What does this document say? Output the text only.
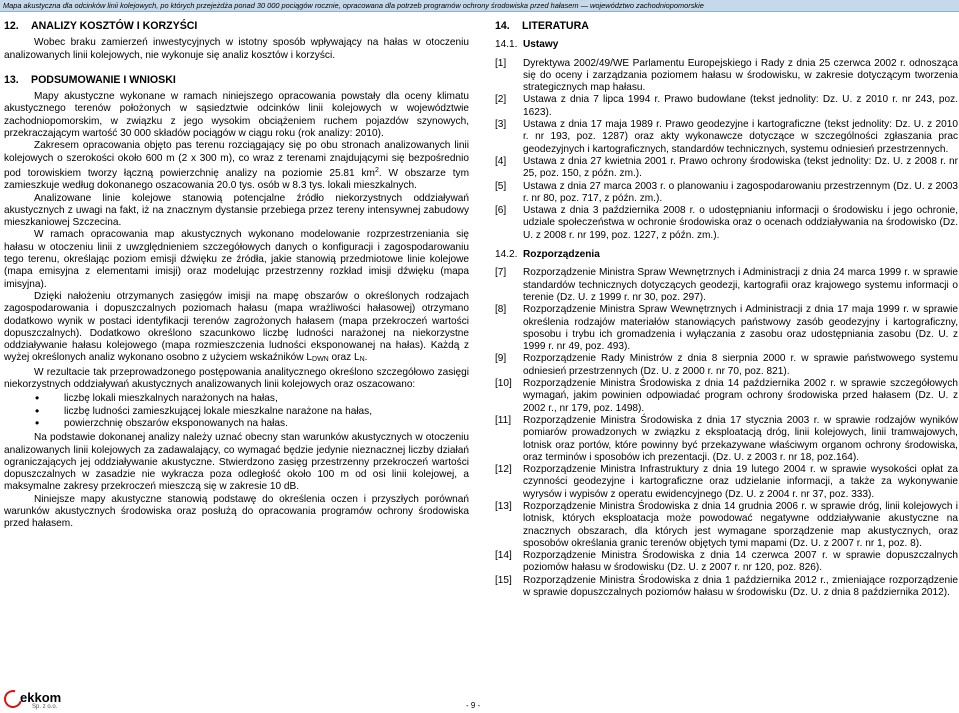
Mapa akustyczna dla odcinków linii kolejowych, po których przejeżdża ponad 30 000 pociągów rocznie, opracowana dla potrzeb programów ochrony środowiska przed hałasem — województwo zachodniopomorskie
12.	ANALIZY KOSZTÓW I KORZYŚCI

Wobec braku zamierzeń inwestycyjnych w istotny sposób wpływający na hałas w otoczeniu analizowanych linii kolejowych, nie wykonuje się analiz kosztów i korzyści.

13.	PODSUMOWANIE I WNIOSKI

Mapy akustyczne wykonane w ramach niniejszego opracowania powstały dla oceny klimatu akustycznego terenów położonych w sąsiedztwie odcinków linii kolejowych w województwie zachodniopomorskim, w związku z jego wysokim obciążeniem ruchem pojazdów szynowych, przekraczającym wartość 30 000 składów pociągów w ciągu roku (rok analizy: 2010).

Zakresem opracowania objęto pas terenu rozciągający się po obu stronach analizowanych linii kolejowych o szerokości około 600 m (2 x 300 m), co wraz z terenami znajdującymi się bezpośrednio pod torowiskiem tworzy łączną powierzchnię analizy na poziomie 25.81 $km^2$. W obszarze tym zamieszkuje według dokonanego oszacowania 20.0 tys. osób w 8.3 tys. lokali mieszkalnych.

Analizowane linie kolejowe stanowią potencjalne źródło niekorzystnych oddziaływań akustycznych z uwagi na fakt, iż na znacznym dystansie przebiega przez tereny intensywnej zabudowy mieszkaniowej Szczecina.

W ramach opracowania map akustycznych wykonano modelowanie rozprzestrzeniania się hałasu w otoczeniu linii z uwzględnieniem szczegółowych danych o konfiguracji i zagospodarowaniu tego terenu, określając poziom emisji dźwięku ze źródła, jakie stanowią przedmiotowe linie kolejowe (mapa emisyjna z elementami imisji) oraz modelując przestrzenny rozkład imisji dźwięku (mapa imisyjna).

Dzięki nałożeniu otrzymanych zasięgów imisji na mapę obszarów o określonych rodzajach zagospodarowania i dopuszczalnych poziomach hałasu (mapa wrażliwości hałasowej) otrzymano dodatkowo wynik w postaci identyfikacji terenów zagrożonych hałasem (mapa przekroczeń wartości dopuszczalnych). Dodatkowo określono szacunkowo liczbę ludności narażonej na niekorzystne oddziaływanie hałasu kolejowego (mapa rozmieszczenia ludności eksponowanej na hałas). Każdą z wyżej określonych analiz wykonano osobno z użyciem wskaźników LDWN oraz LN.

W rezultacie tak przeprowadzonego postępowania analitycznego określono szczegółowo zasięgi niekorzystnych oddziaływań akustycznych analizowanych linii kolejowych oraz oszacowano:

• liczbę lokali mieszkalnych narażonych na hałas,
• liczbę ludności zamieszkującej lokale mieszkalne narażone na hałas,
• powierzchnię obszarów eksponowanych na hałas.

Na podstawie dokonanej analizy należy uznać obecny stan warunków akustycznych w otoczeniu analizowanych linii kolejowych za zadawalający, co wymagać będzie jedynie nieznacznej liczby działań ograniczających jej oddziaływanie akustyczne. Stwierdzono zasięg przestrzenny przekroczeń wartości dopuszczalnych w zasadzie nie wykracza poza odległość około 100 m od osi linii kolejowej, a maksymalne zakresy przekroczeń mieszczą się w zakresie 10 dB.

Niniejsze mapy akustyczne stanowią podstawę do określenia oczen i przyszłych porównań warunków akustycznych środowiska oraz posłużą do opracowania programów ochrony środowiska przed hałasem.

14.	LITERATURA
14.1. Ustawy
[1]	Dyrektywa 2002/49/WE Parlamentu Europejskiego i Rady z dnia 25 czerwca 2002 r. odnosząca się do oceny i zarządzania poziomem hałasu w środowisku, w zakresie dotyczącym tworzenia strategicznych map hałasu.
[2]	Ustawa z dnia 7 lipca 1994 r. Prawo budowlane (tekst jednolity: Dz. U. z 2010 r. nr 243, poz. 1623).
[3]	Ustawa z dnia 17 maja 1989 r. Prawo geodezyjne i kartograficzne (tekst jednolity: Dz. U. z 2010 r. nr 193, poz. 1287) oraz akty wykonawcze dotyczące w szczególności zgłaszania prac geodezyjnych i kartograficznych, standardów technicznych, systemu odniesień przestrzennych.
[4]	Ustawa z dnia 27 kwietnia 2001 r. Prawo ochrony środowiska (tekst jednolity: Dz. U. z 2008 r. nr 25, poz. 150, z późn. zm.).
[5]	Ustawa z dnia 27 marca 2003 r. o planowaniu i zagospodarowaniu przestrzennym (Dz. U. z 2003 r. nr 80, poz. 717, z późn. zm.).
[6]	Ustawa z dnia 3 października 2008 r. o udostępnianiu informacji o środowisku i jego ochronie, udziale społeczeństwa w ochronie środowiska oraz o ocenach oddziaływania na środowisko (Dz. U. z 2008 r. nr 199, poz. 1227, z późn. zm.).
14.2. Rozporządzenia
[7]	Rozporządzenie Ministra Spraw Wewnętrznych i Administracji z dnia 24 marca 1999 r. w sprawie standardów technicznych dotyczących geodezji, kartografii oraz krajowego systemu informacji o terenie (Dz. U. z 1999 r. nr 30, poz. 297).
[8]	Rozporządzenie Ministra Spraw Wewnętrznych i Administracji z dnia 17 maja 1999 r. w sprawie określenia rodzajów materiałów stanowiących państwowy zasób geodezyjny i kartograficzny, sposobu i trybu ich gromadzenia i wyłączania z zasobu oraz udostępniania zasobu (Dz. U. z 1999 r. nr 49, poz. 493).
[9]	Rozporządzenie Rady Ministrów z dnia 8 sierpnia 2000 r. w sprawie państwowego systemu odniesień przestrzennych (Dz. U. z 2000 r. nr 70, poz. 821).
[10]	Rozporządzenie Ministra Środowiska z dnia 14 października 2002 r. w sprawie szczegółowych wymagań, jakim powinien odpowiadać program ochrony środowiska przed hałasem (Dz. U. z 2002 r., nr 179, poz. 1498).
[11]	Rozporządzenie Ministra Środowiska z dnia 17 stycznia 2003 r. w sprawie rodzajów wyników pomiarów prowadzonych w związku z eksploatacją dróg, linii kolejowych, linii tramwajowych, lotnisk oraz portów, które powinny być przekazywane właściwym organom ochrony środowiska, oraz terminów i sposobów ich prezentacji. (Dz. U. z 2003 r. nr 18, poz.164).
[12]	Rozporządzenie Ministra Infrastruktury z dnia 19 lutego 2004 r. w sprawie wysokości opłat za czynności geodezyjne i kartograficzne oraz udzielanie informacji, a także za wykonywanie wyrysów i wypisów z operatu ewidencyjnego (Dz. U. z 2004 r. nr 37, poz. 333).
[13]	Rozporządzenie Ministra Środowiska z dnia 14 grudnia 2006 r. w sprawie dróg, linii kolejowych i lotnisk, których eksploatacja może powodować negatywne oddziaływanie akustyczne na znacznych obszarach, dla których jest wymagane sporządzenie map akustycznych, oraz sposobów określania granic terenów objętych tymi mapami (Dz. U. z 2007 r. nr 1, poz. 8).
[14]	Rozporządzenie Ministra Środowiska z dnia 14 czerwca 2007 r. w sprawie dopuszczalnych poziomów hałasu w środowisku (Dz. U. z 2007 r. nr 120, poz. 826).
[15]	Rozporządzenie Ministra Środowiska z dnia 1 października 2012 r., zmieniające rozporządzenie w sprawie dopuszczalnych poziomów hałasu w środowisku (Dz. U. z dnia 8 października 2012).
ekkom
Sp. z o.o.	- 9 -
